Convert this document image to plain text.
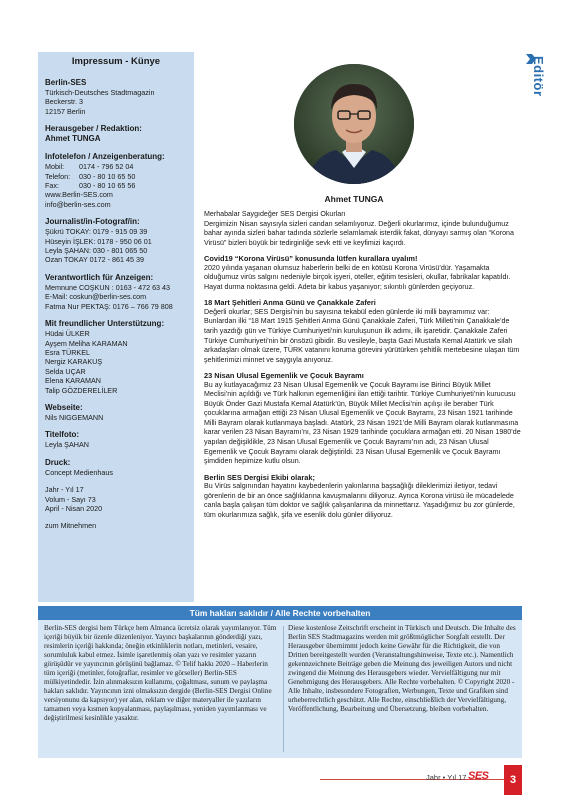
Impressum - Künye
Berlin-SES
Türkisch-Deutsches Stadtmagazin
Beckerstr. 3
12157 Berlin
Herausgeber / Redaktion:
Ahmet TUNGA
Infotelefon / Anzeigenberatung:
Mobil:	0174 - 796 52 04
Telefon:	030 - 80 10 65 50
Fax:	030 - 80 10 65 56
www.Berlin-SES.com
info@berlin-ses.com
Journalist/in-Fotograf/in:
Şükrü TOKAY: 0179 - 915 09 39
Hüseyin İŞLEK: 0178 - 950 06 01
Leyla ŞAHAN: 030 - 801 065 50
Ozan TOKAY 0172 - 861 45 39
Verantwortlich für Anzeigen:
Memnune COŞKUN : 0163 - 472 63 43
E-Mail: coskun@berlin-ses.com
Fatma Nur PEKTAŞ: 0176 – 766 79 808
Mit freundlicher Unterstützung:
Hüdai ÜLKER
Ayşem Meliha KARAMAN
Esra TÜRKEL
Nergiz KARAKUŞ
Selda UÇAR
Elena KARAMAN
Talip GÖZDERELİLER
Webseite:
Nils NIGGEMANN
Titelfoto:
Leyla ŞAHAN
Druck:
Concept Medienhaus
Jahr - Yıl 17
Volum - Sayı 73
April - Nisan 2020
zum Mitnehmen
Editör
Ahmet TUNGA

Merhabalar Saygıdeğer SES Dergisi Okurları

Dergimizin Nisan sayısıyla sizleri candan selamlıyoruz. Değerli okurlarımız, içinde bulunduğumuz bahar ayında sizleri bahar tadında sözlerle selamlamak isterdik fakat, dünyayı sarmış olan “Korona Virüsü” bizleri büyük bir tedirginliğe sevk etti ve keyfimizi kaçırdı.

Covid19 “Korona Virüsü” konusunda lütfen kurallara uyalım!

2020 yılında yaşanan olumsuz haberlerin belki de en kötüsü Korona Virüsü’dür. Yaşamakta olduğumuz virüs salgını nedeniyle birçok işyeri, oteller, eğitim tesisleri, okullar, fabrikalar kapatıldı. Hayat durma noktasına geldi. Adeta bir kabus yaşanıyor; sıkıntılı günlerden geçiyoruz.

18 Mart Şehitleri Anma Günü ve Çanakkale Zaferi

Değerli okurlar; SES Dergisi’nin bu sayısına tekabül eden günlerde iki milli bayramımız var: Bunlardan ilki “18 Mart 1915 Şehitleri Anma Günü Çanakkale Zaferi, Türk Milleti’nin Çanakkale’de tarih yazdığı gün ve Türkiye Cumhuriyeti’nin kuruluşunun ilk adımı, ilk işaretidir. Çanakkale Zaferi Türkiye Cumhuriyeti’nin bir önsözü gibidir. Bu vesileyle, başta Gazi Mustafa Kemal Atatürk ve silah arkadaşları olmak üzere, TÜRK vatanını koruma görevini yürütürken şehitlik mertebesine ulaşan tüm şehitlerimizi minnet ve saygıyla anıyoruz.

23 Nisan Ulusal Egemenlik ve Çocuk Bayramı

Bu ay kutlayacağımız 23 Nisan Ulusal Egemenlik ve Çocuk Bayramı ise Birinci Büyük Millet Meclisi’nin açıldığı ve Türk halkının egemenliğini ilan ettiği tarihtir. Türkiye Cumhuriyeti’nin kurucusu Büyük Önder Gazi Mustafa Kemal Atatürk’ün, Büyük Millet Meclisi’nin açılışı ile beraber Türk çocuklarına armağan ettiği 23 Nisan Ulusal Egemenlik ve Çocuk Bayramı, 23 Nisan 1921 tarihinde Milli Bayram olarak kutlanmaya başladı. Atatürk, 23 Nisan 1921’de Milli Bayram olarak kutlanmasına karar verilen 23 Nisan Bayramı’nı, 23 Nisan 1929 tarihinde çocuklara armağan etti. 20 Nisan 1980’de yapılan değişiklikle, 23 Nisan Ulusal Egemenlik ve Çocuk Bayramı’nın adı, 23 Nisan Ulusal Egemenlik ve Çocuk Bayramı olarak değiştirildi. 23 Nisan Ulusal Egemenlik ve Çocuk Bayramı şimdiden hepimize kutlu olsun.

Berlin SES Dergisi Ekibi olarak;

Bu Virüs salgınından hayatını kaybedenlerin yakınlarına başsağlığı dileklerimizi iletiyor, tedavi görenlerin de bir an önce sağlıklarına kavuşmalarını diliyoruz. Ayrıca Korona virüsü ile mücadelede canla başla çalışan tüm doktor ve sağlık çalışanlarına da minnettarız. Yaşadığımız bu zor günlerde, tüm okurlarımıza sağlık, şifa ve esenlik dolu günler diliyoruz.

Tüm hakları saklıdır / Alle Rechte vorbehalten
Berlin-SES dergisi hem Türkçe hem Almanca ücretsiz olarak yayımlanıyor. Tüm içeriği büyük bir özenle düzenleniyor. Yayıncı başkalarının gönderdiği yazı, resimlerin içeriği hakkında; öneğin etkinliklerin notları, metinleri, vesaire, sorumluluk kabul etmez. İsimle işaretlenmiş olan yazı ve resimler yazarın görüşüdür ve yayıncının görüşünü bağlamaz. © Telif hakkı 2020 – Haberlerin tüm içeriği (metinler, fotoğraflar, resimler ve görseller) Berlin-SES mülkiyetindedir. İzin alınmaksızın kullanımı, çoğaltması, sunum ve paylaşma hakları saklıdır. Yayıncının izni olmaksızın dergide (Berlin-SES Dergisi Online versiyonunu da kapsıyor) yer alan, reklam ve diğer materyaller ile yazıların tamamen veya kısmen kopyalanması, paylaşılması, yeniden yayımlanması ve değiştirilmesi kesinlikle yasaktır.
Diese kostenlose Zeitschrift erscheint in Türkisch und Deutsch. Die Inhalte des Berlin SES Stadtmagazins werden mit größtmöglicher Sorgfalt erstellt. Der Herausgeber übernimmt jedoch keine Gewähr für die Richtigkeit, die von Dritten bereitgestellt wurden (Veranstaltungshinweise, Texte etc.). Namentlich gekennzeichnete Beiträge geben die Meinung des jeweiligen Autors und nicht zwingend die Meinung des Herausgebers wieder. Vervielfältigung nur mit Genehmigung des Herausgebers. Alle Rechte vorbehalten. © Copyright 2020 - Alle Inhalte, insbesondere Fotografien, Werbungen, Texte und Grafiken sind urheberrechtlich geschützt. Alle Rechte, einschließlich der Vervielfältigung, Veröffentlichung, Bearbeitung und Übersetzung, bleiben vorbehalten.
Jahr • Yıl 17 SES	3
